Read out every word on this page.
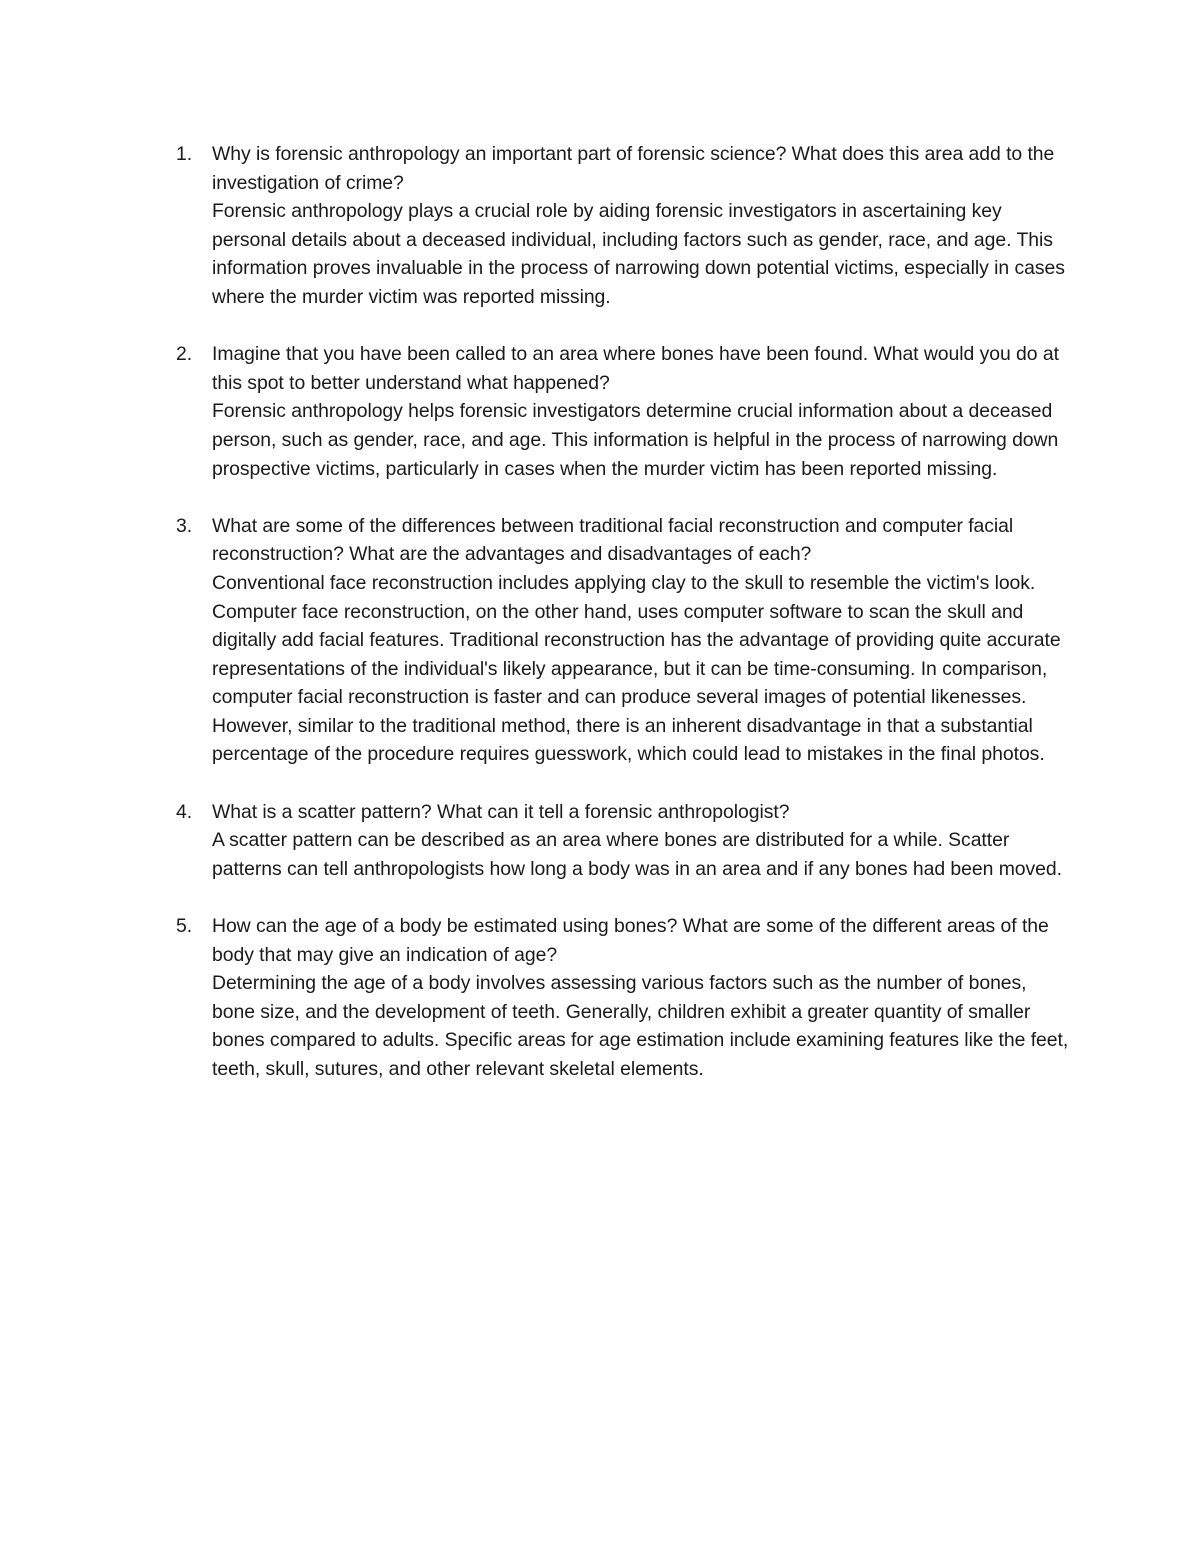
1. Why is forensic anthropology an important part of forensic science? What does this area add to the investigation of crime?
Forensic anthropology plays a crucial role by aiding forensic investigators in ascertaining key personal details about a deceased individual, including factors such as gender, race, and age. This information proves invaluable in the process of narrowing down potential victims, especially in cases where the murder victim was reported missing.
2. Imagine that you have been called to an area where bones have been found. What would you do at this spot to better understand what happened?
Forensic anthropology helps forensic investigators determine crucial information about a deceased person, such as gender, race, and age. This information is helpful in the process of narrowing down prospective victims, particularly in cases when the murder victim has been reported missing.
3. What are some of the differences between traditional facial reconstruction and computer facial reconstruction? What are the advantages and disadvantages of each?
Conventional face reconstruction includes applying clay to the skull to resemble the victim's look. Computer face reconstruction, on the other hand, uses computer software to scan the skull and digitally add facial features. Traditional reconstruction has the advantage of providing quite accurate representations of the individual's likely appearance, but it can be time-consuming. In comparison, computer facial reconstruction is faster and can produce several images of potential likenesses. However, similar to the traditional method, there is an inherent disadvantage in that a substantial percentage of the procedure requires guesswork, which could lead to mistakes in the final photos.
4. What is a scatter pattern? What can it tell a forensic anthropologist?
A scatter pattern can be described as an area where bones are distributed for a while. Scatter patterns can tell anthropologists how long a body was in an area and if any bones had been moved.
5. How can the age of a body be estimated using bones? What are some of the different areas of the body that may give an indication of age?
Determining the age of a body involves assessing various factors such as the number of bones, bone size, and the development of teeth. Generally, children exhibit a greater quantity of smaller bones compared to adults. Specific areas for age estimation include examining features like the feet, teeth, skull, sutures, and other relevant skeletal elements.
